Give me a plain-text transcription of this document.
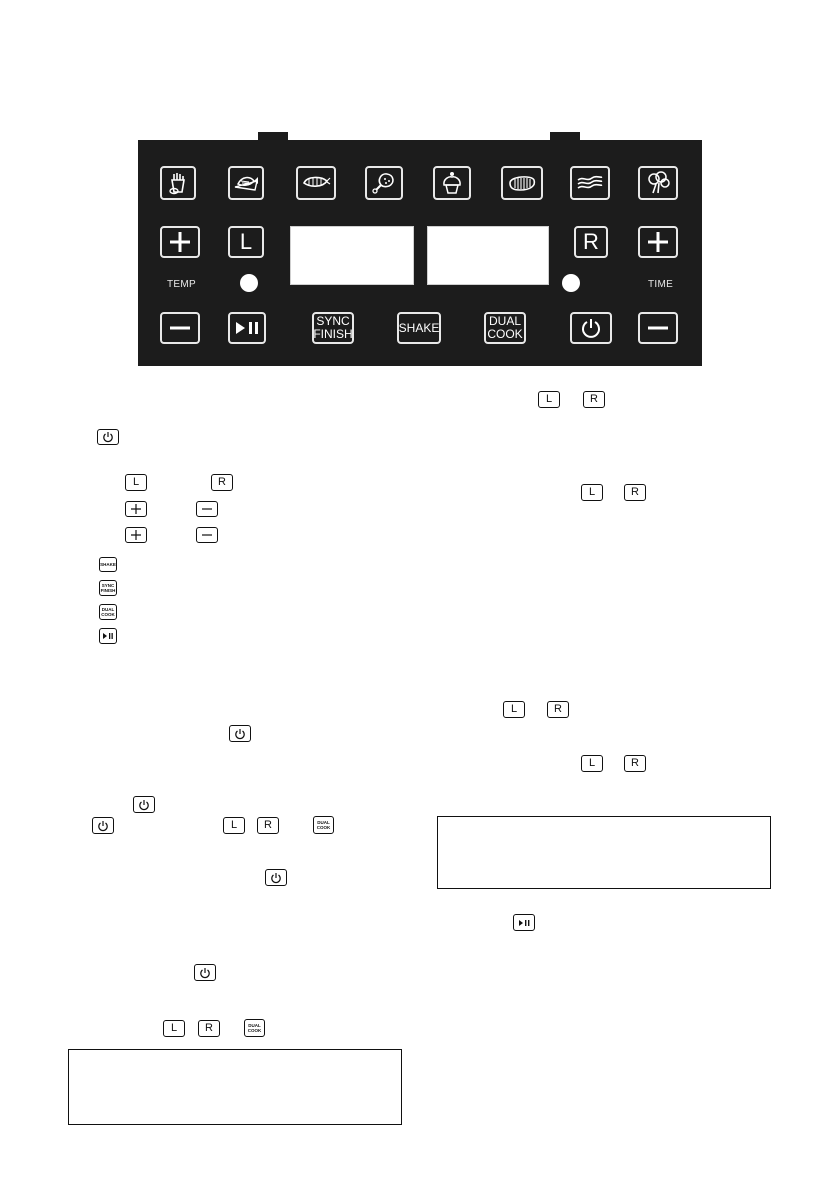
L	R
TEMP	TIME
SYNC
FINISH	SHAKE	DUAL
COOK
L	R
SHAKE
SYNC
FINISH
DUAL
COOK
L R	DUAL
COOK
L	R	DUAL
COOK
L	R
L	R
L	R
L	R
